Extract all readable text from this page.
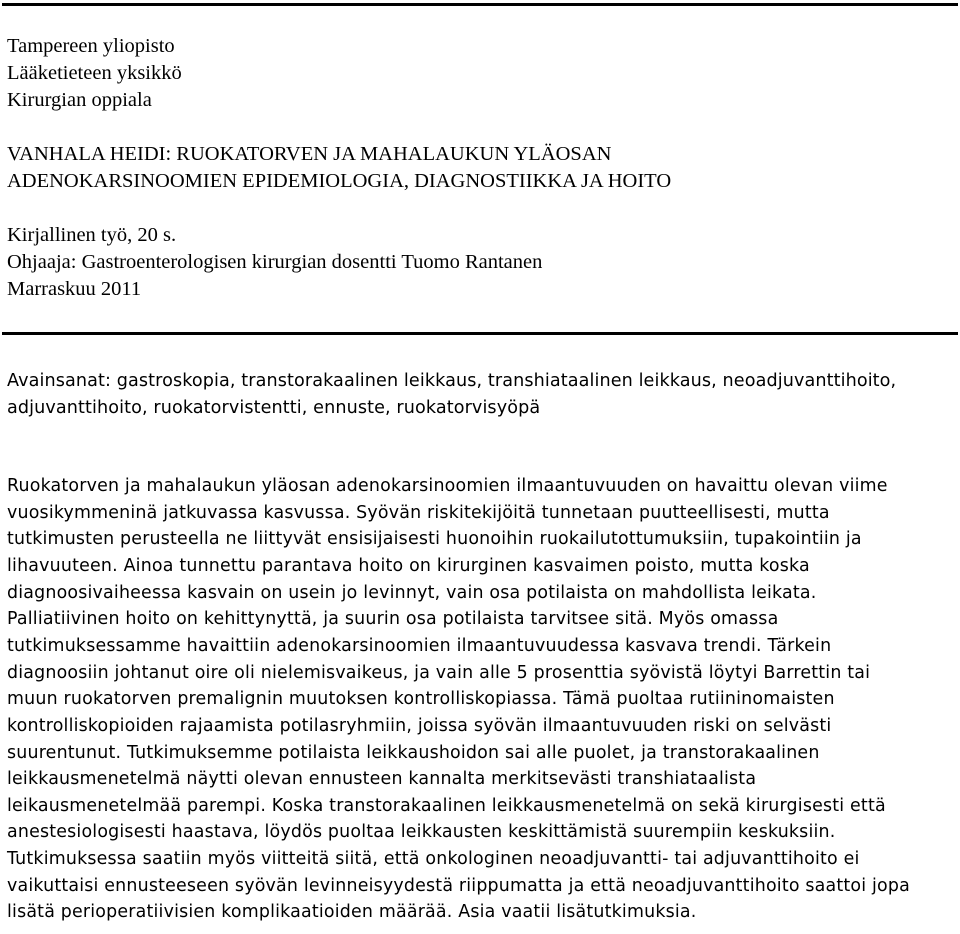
Tampereen yliopisto
Lääketieteen yksikkö
Kirurgian oppiala
VANHALA HEIDI: RUOKATORVEN JA MAHALAUKUN YLÄOSAN
ADENOKARSINOOMIEN EPIDEMIOLOGIA, DIAGNOSTIIKKA JA HOITO
Kirjallinen työ, 20 s.
Ohjaaja: Gastroenterologisen kirurgian dosentti Tuomo Rantanen
Marraskuu 2011
Avainsanat: gastroskopia, transtorakaalinen leikkaus, transhiataalinen leikkaus, neoadjuvanttihoito,
adjuvanttihoito, ruokatorvistentti, ennuste, ruokatorvisyöpä
Ruokatorven ja mahalaukun yläosan adenokarsinoomien ilmaantuvuuden on havaittu olevan viime
vuosikymmeninä jatkuvassa kasvussa. Syövän riskitekijöitä tunnetaan puutteellisesti, mutta
tutkimusten perusteella ne liittyvät ensisijaisesti huonoihin ruokailutottumuksiin, tupakointiin ja
lihavuuteen. Ainoa tunnettu parantava hoito on kirurginen kasvaimen poisto, mutta koska
diagnoosivaiheessa kasvain on usein jo levinnyt, vain osa potilaista on mahdollista leikata.
Palliatiivinen hoito on kehittynyttä, ja suurin osa potilaista tarvitsee sitä. Myös omassa
tutkimuksessamme havaittiin adenokarsinoomien ilmaantuvuudessa kasvava trendi. Tärkein
diagnoosiin johtanut oire oli nielemisvaikeus, ja vain alle 5 prosenttia syövistä löytyi Barrettin tai
muun ruokatorven premalignin muutoksen kontrolliskopiassa. Tämä puoltaa rutiininomaisten
kontrolliskopioiden rajaamista potilasryhmiin, joissa syövän ilmaantuvuuden riski on selvästi
suurentunut. Tutkimuksemme potilaista leikkaushoidon sai alle puolet, ja transtorakaalinen
leikkausmenetelmä näytti olevan ennusteen kannalta merkitsevästi transhiataalista
leikausmenetelmää parempi. Koska transtorakaalinen leikkausmenetelmä on sekä kirurgisesti että
anestesiologisesti haastava, löydös puoltaa leikkausten keskittämistä suurempiin keskuksiin.
Tutkimuksessa saatiin myös viitteitä siitä, että onkologinen neoadjuvantti- tai adjuvanttihoito ei
vaikuttaisi ennusteeseen syövän levinneisyydestä riippumatta ja että neoadjuvanttihoito saattoi jopa
lisätä perioperatiivisien komplikaatioiden määrää. Asia vaatii lisätutkimuksia.
